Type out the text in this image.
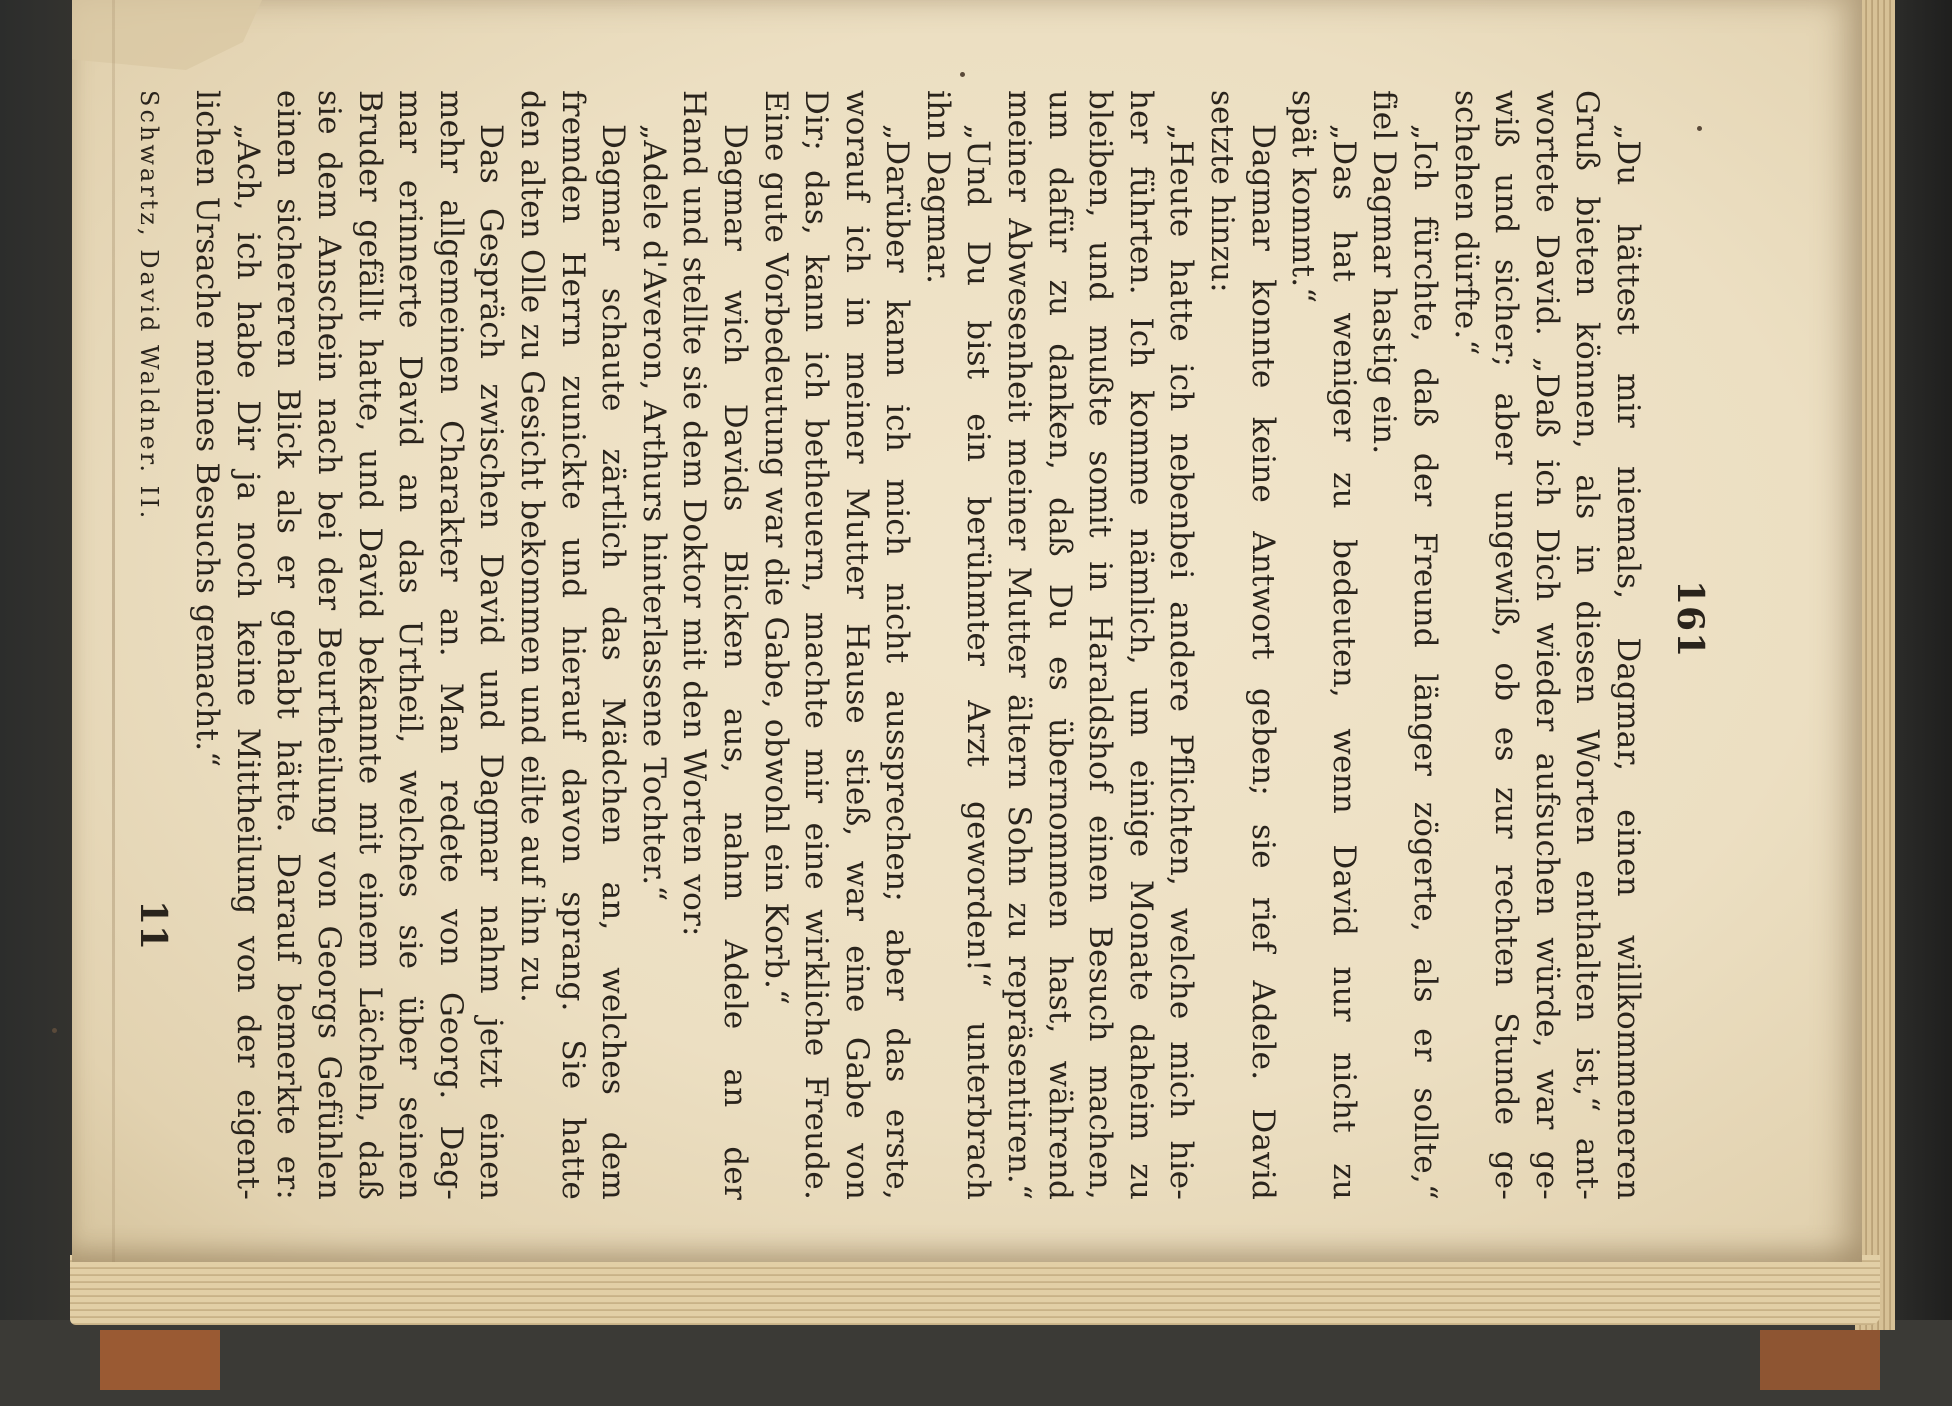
161
„Du hättest mir niemals, Dagmar, einen willkommeneren
Gruß bieten können, als in diesen Worten enthalten ist,“ ant-
wortete David. „Daß ich Dich wieder aufsuchen würde, war ge-
wiß und sicher; aber ungewiß, ob es zur rechten Stunde ge-
schehen dürfte.“
„Ich fürchte, daß der Freund länger zögerte, als er sollte,“
fiel Dagmar hastig ein.
„Das hat weniger zu bedeuten, wenn David nur nicht zu
spät kommt.“
Dagmar konnte keine Antwort geben; sie rief Adele. David
setzte hinzu:
„Heute hatte ich nebenbei andere Pflichten, welche mich hie-
her führten. Ich komme nämlich, um einige Monate daheim zu
bleiben, und mußte somit in Haraldshof einen Besuch machen,
um dafür zu danken, daß Du es übernommen hast, während
meiner Abwesenheit meiner Mutter ältern Sohn zu repräsentiren.“
„Und Du bist ein berühmter Arzt geworden!“ unterbrach
ihn Dagmar.
„Darüber kann ich mich nicht aussprechen; aber das erste,
worauf ich in meiner Mutter Hause stieß, war eine Gabe von
Dir; das, kann ich betheuern, machte mir eine wirkliche Freude.
Eine gute Vorbedeutung war die Gabe, obwohl ein Korb.“
Dagmar wich Davids Blicken aus, nahm Adele an der
Hand und stellte sie dem Doktor mit den Worten vor:
„Adele d'Averon, Arthurs hinterlassene Tochter.“
Dagmar schaute zärtlich das Mädchen an, welches dem
fremden Herrn zunickte und hierauf davon sprang. Sie hatte
den alten Olle zu Gesicht bekommen und eilte auf ihn zu.
Das Gespräch zwischen David und Dagmar nahm jetzt einen
mehr allgemeinen Charakter an. Man redete von Georg. Dag-
mar erinnerte David an das Urtheil, welches sie über seinen
Bruder gefällt hatte, und David bekannte mit einem Lächeln, daß
sie dem Anschein nach bei der Beurtheilung von Georgs Gefühlen
einen sichereren Blick als er gehabt hätte. Darauf bemerkte er:
„Ach, ich habe Dir ja noch keine Mittheilung von der eigent-
lichen Ursache meines Besuchs gemacht.“
Schwartz, David Waldner. II.
11
